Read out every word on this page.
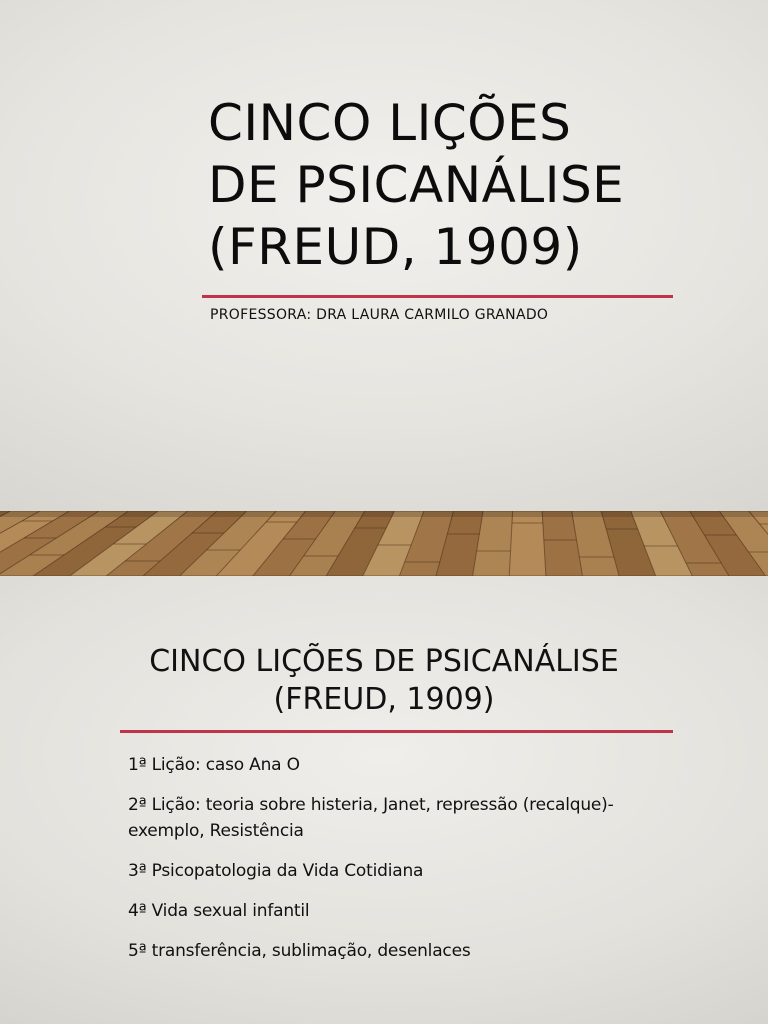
CINCO LIÇÕES
DE PSICANÁLISE
(FREUD, 1909)
PROFESSORA: DRA LAURA CARMILO GRANADO
CINCO LIÇÕES DE PSICANÁLISE
(FREUD, 1909)
1ª Lição: caso Ana O
2ª Lição: teoria sobre histeria, Janet, repressão (recalque)- exemplo, Resistência
3ª Psicopatologia da Vida Cotidiana
4ª Vida sexual infantil
5ª transferência, sublimação, desenlaces
